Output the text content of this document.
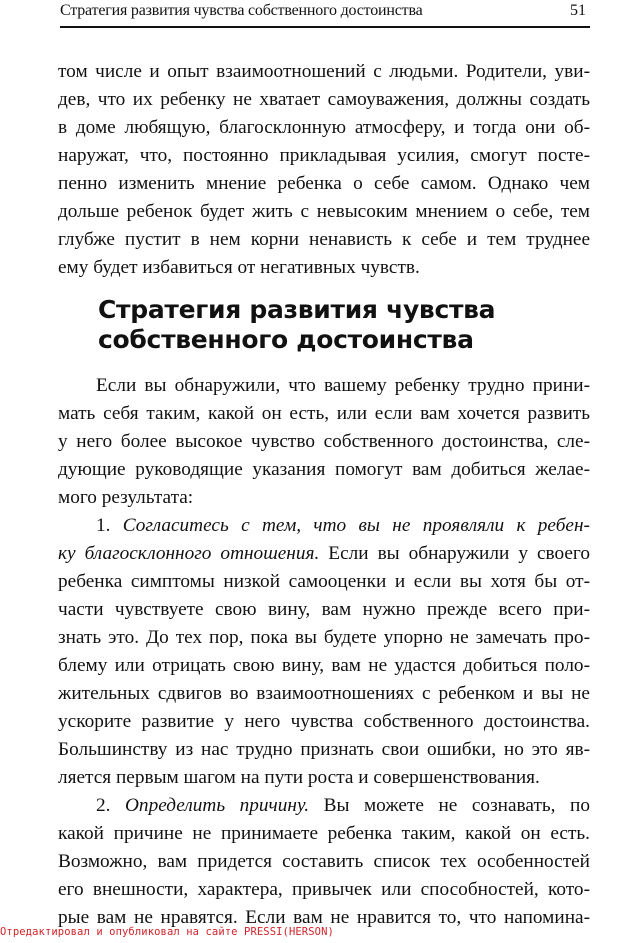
Стратегия развития чувства собственного достоинства	51
том числе и опыт взаимоотношений с людьми. Родители, уви-
дев, что их ребенку не хватает самоуважения, должны создать
в доме любящую, благосклонную атмосферу, и тогда они об-
наружат, что, постоянно прикладывая усилия, смогут посте-
пенно изменить мнение ребенка о себе самом. Однако чем
дольше ребенок будет жить с невысоким мнением о себе, тем
глубже пустит в нем корни ненависть к себе и тем труднее
ему будет избавиться от негативных чувств.
Стратегия развития чувства
собственного достоинства
Если вы обнаружили, что вашему ребенку трудно прини-
мать себя таким, какой он есть, или если вам хочется развить
у него более высокое чувство собственного достоинства, сле-
дующие руководящие указания помогут вам добиться желае-
мого результата:
1. Согласитесь с тем, что вы не проявляли к ребен-
ку благосклонного отношения. Если вы обнаружили у своего
ребенка симптомы низкой самооценки и если вы хотя бы от-
части чувствуете свою вину, вам нужно прежде всего при-
знать это. До тех пор, пока вы будете упорно не замечать про-
блему или отрицать свою вину, вам не удастся добиться поло-
жительных сдвигов во взаимоотношениях с ребенком и вы не
ускорите развитие у него чувства собственного достоинства.
Большинству из нас трудно признать свои ошибки, но это яв-
ляется первым шагом на пути роста и совершенствования.
2. Определить причину. Вы можете не сознавать, по
какой причине не принимаете ребенка таким, какой он есть.
Возможно, вам придется составить список тех особенностей
его внешности, характера, привычек или способностей, кото-
рые вам не нравятся. Если вам не нравится то, что напомина-
Отредактировал и опубликовал на сайте PRESSI(HERSON)
